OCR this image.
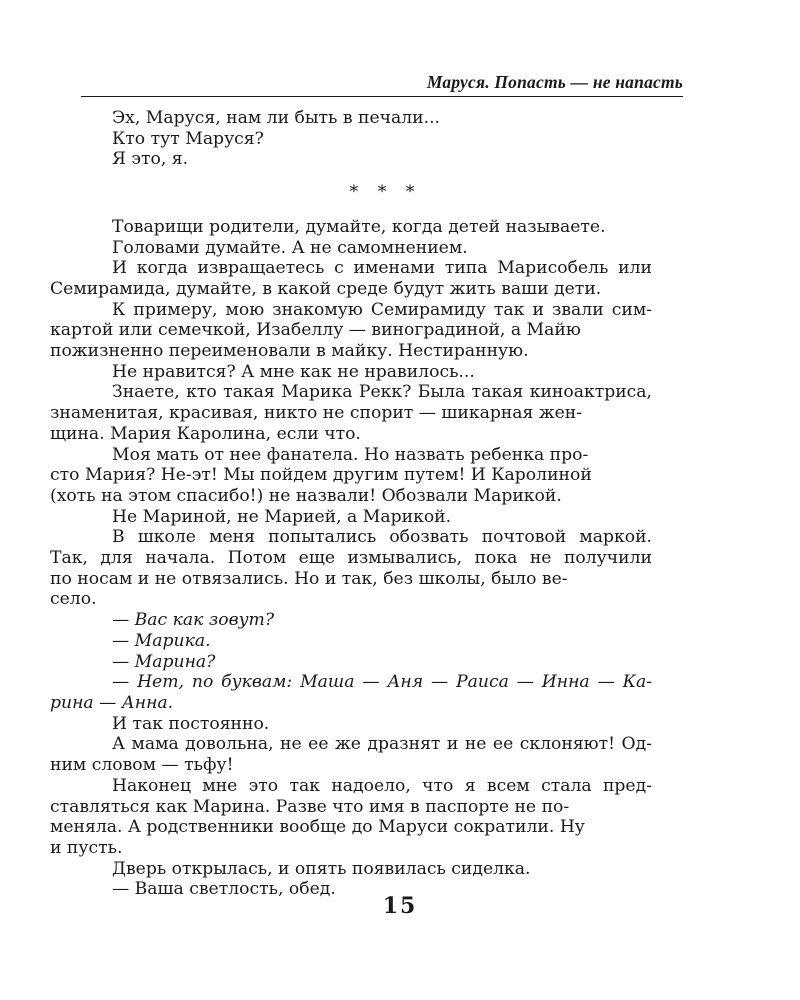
Маруся. Попасть — не напасть
Эх, Маруся, нам ли быть в печали...
Кто тут Маруся?
Я это, я.
* * *
Товарищи родители, думайте, когда детей называете.
Головами думайте. А не самомнением.
И когда извращаетесь с именами типа Марисобель или
Семирамида, думайте, в какой среде будут жить ваши дети.
К примеру, мою знакомую Семирамиду так и звали сим-
картой или семечкой, Изабеллу — виноградиной, а Майю
пожизненно переименовали в майку. Нестиранную.
Не нравится? А мне как не нравилось...
Знаете, кто такая Марика Рекк? Была такая киноактриса,
знаменитая, красивая, никто не спорит — шикарная жен-
щина. Мария Каролина, если что.
Моя мать от нее фанатела. Но назвать ребенка про-
сто Мария? Не-эт! Мы пойдем другим путем! И Каролиной
(хоть на этом спасибо!) не назвали! Обозвали Марикой.
Не Мариной, не Марией, а Марикой.
В школе меня попытались обозвать почтовой маркой.
Так, для начала. Потом еще измывались, пока не получили
по носам и не отвязались. Но и так, без школы, было ве-
село.
— Вас как зовут?
— Марика.
— Марина?
— Нет, по буквам: Маша — Аня — Раиса — Инна — Ка-
рина — Анна.
И так постоянно.
А мама довольна, не ее же дразнят и не ее склоняют! Од-
ним словом — тьфу!
Наконец мне это так надоело, что я всем стала пред-
ставляться как Марина. Разве что имя в паспорте не по-
меняла. А родственники вообще до Маруси сократили. Ну
и пусть.
Дверь открылась, и опять появилась сиделка.
— Ваша светлость, обед.
15
